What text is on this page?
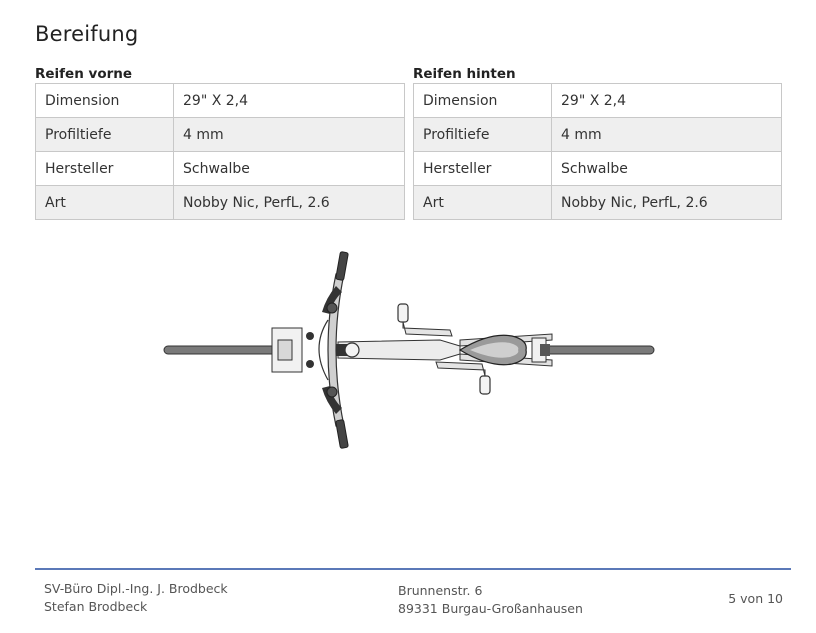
Bereifung
Reifen vorne
Dimension	29" X 2,4
Profiltiefe	4 mm
Hersteller	Schwalbe
Art	Nobby Nic, PerfL, 2.6
Reifen hinten
Dimension	29" X 2,4
Profiltiefe	4 mm
Hersteller	Schwalbe
Art	Nobby Nic, PerfL, 2.6
SV-Büro Dipl.-Ing. J. Brodbeck
Stefan Brodbeck
Brunnenstr. 6
89331 Burgau-Großanhausen
5 von 10
